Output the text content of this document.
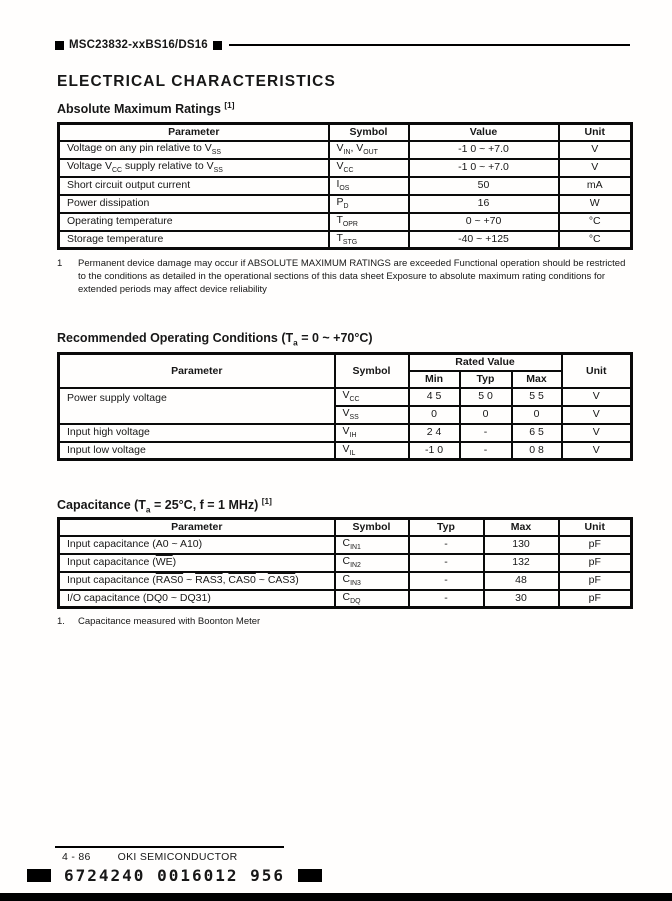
MSC23832-xxBS16/DS16
ELECTRICAL CHARACTERISTICS
Absolute Maximum Ratings [1]
Parameter	Symbol	Value	Unit
Voltage on any pin relative to $V_{SS}$	$V_{IN}$, $V_{OUT}$	-1 0 ~ +7.0	V
Voltage $V_{CC}$ supply relative to $V_{SS}$	$V_{CC}$	-1 0 ~ +7.0	V
Short circuit output current	$I_{OS}$	50	mA
Power dissipation	$P_D$	16	W
Operating temperature	$T_{OPR}$	0 ~ +70	°C
Storage temperature	$T_{STG}$	-40 ~ +125	°C
1	Permanent device damage may occur if ABSOLUTE MAXIMUM RATINGS are exceeded Functional operation should be restricted to the conditions as detailed in the operational sections of this data sheet Exposure to absolute maximum rating conditions for extended periods may affect device reliability
Recommended Operating Conditions ($T_a = 0$ ~ +70°C)
Parameter	Symbol	Rated Value			Unit
		Min	Typ	Max	
Power supply voltage	$V_{CC}$	4 5	5 0	5 5	V
	$V_{SS}$	0	0	0	V
Input high voltage	$V_{IH}$	2 4	-	6 5	V
Input low voltage	$V_{IL}$	-1 0	-	0 8	V
Capacitance ($T_a = 25^\circ C$, f = 1 MHz) [1]
Parameter	Symbol	Typ	Max	Unit
Input capacitance (A0 ~ A10)	$C_{IN1}$	-	130	pF
Input capacitance $(\overline{WE})$	$C_{IN2}$	-	132	pF
Input capacitance (RAS0 ~ RAS3, CAS0 ~ CAS3)	$C_{IN3}$	-	48	pF
I/O capacitance (DQ0 ~ DQ31)	$C_{DQ}$	-	30	pF
1.	Capacitance measured with Boonton Meter
4 - 86	OKI SEMICONDUCTOR
6724240 0016012 956
